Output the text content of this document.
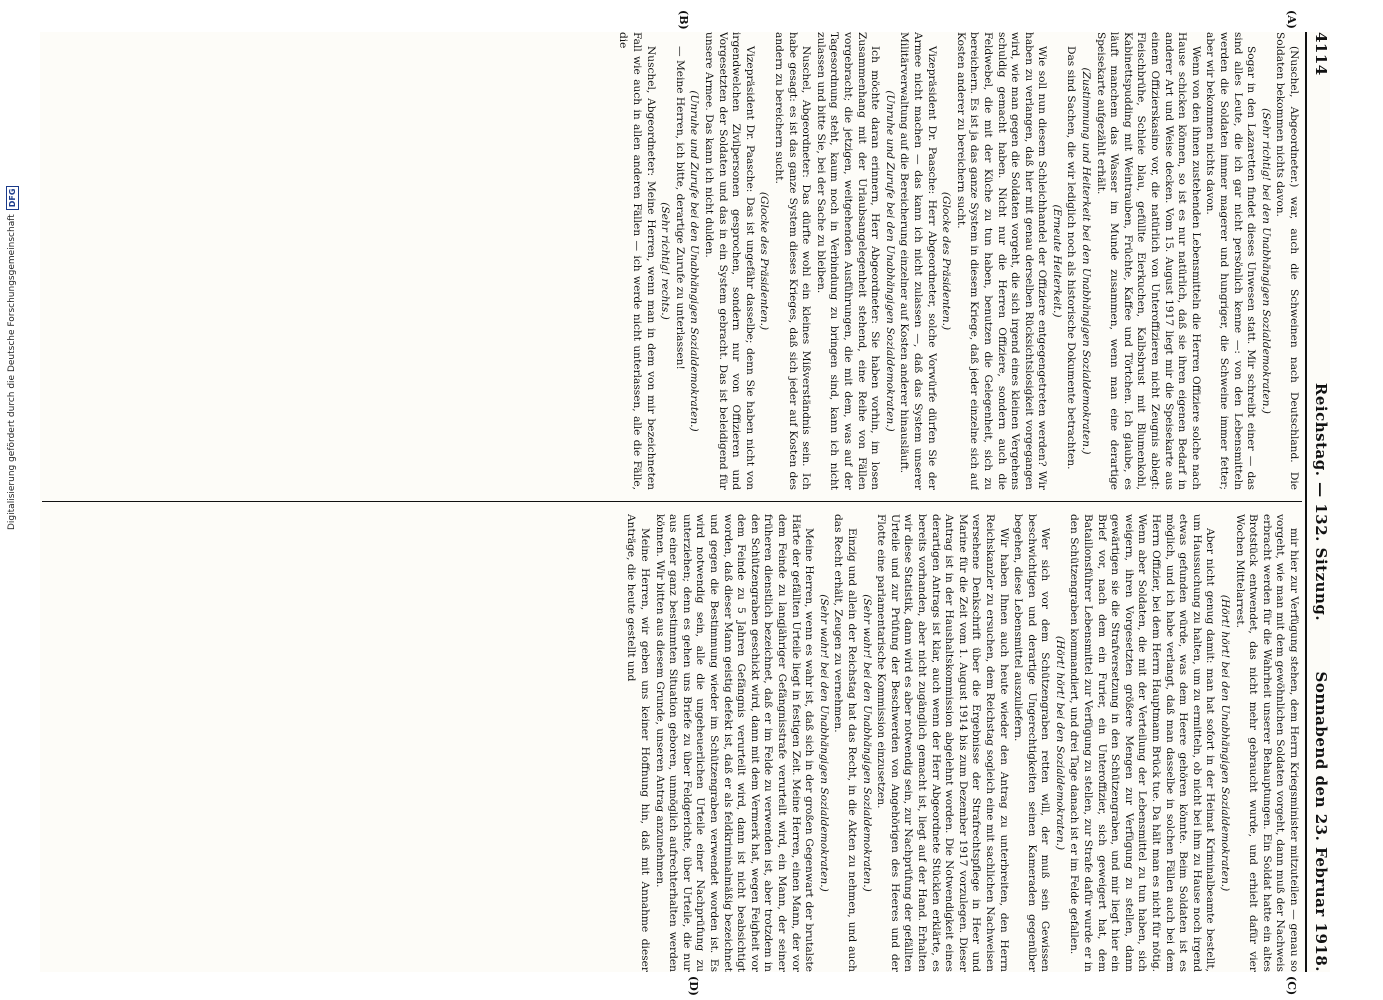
4114
Reichstag. — 132. Sitzung.
Sonnabend den 23. Februar 1918.
(A)
(B)
(C)
(D)

(Nuschel, Abgeordneter.) war, auch die Schweinen nach Deutschland. Die Soldaten bekommen nichts davon.

(Sehr richtig! bei den Unabhängigen Sozialdemokraten.)

Sogar in den Lazaretten findet dieses Unwesen statt. Mir schreibt einer — das sind alles Leute, die ich gar nicht persönlich kenne —: von den Lebensmitteln werden die Soldaten immer magerer und hungriger, die Schweine immer fetter; aber wir bekommen nichts davon.

Wenn von den ihnen zustehenden Lebensmitteln die Herren Offiziere solche nach Hause schicken können, so ist es nur natürlich, daß sie ihren eigenen Bedarf in anderer Art und Weise decken. Vom 15. August 1917 liegt mir die Speisekarte aus einem Offizierskasino vor, die natürlich von Unteroffizieren nicht Zeugnis ablegt: Fleischbrühe, Schleie blau, gefüllte Eierkuchen, Kalbsbrust mit Blumenkohl, Kabinettspudding mit Weintrauben, Früchte, Kaffee und Törtchen. Ich glaube, es läuft manchem das Wasser im Munde zusammen, wenn man eine derartige Speisekarte aufgezählt erhält.

(Zustimmung und Heiterkeit bei den Unabhängigen Sozialdemokraten.)

Das sind Sachen, die wir lediglich noch als historische Dokumente betrachten.

(Erneute Heiterkeit.)

Wie soll nun diesem Schleichhandel der Offiziere entgegengetreten werden? Wir haben zu verlangen, daß hier mit genau derselben Rücksichtslosigkeit vorgegangen wird, wie man gegen die Soldaten vorgeht, die sich irgend eines kleinen Vergehens schuldig gemacht haben. Nicht nur die Herren Offiziere, sondern auch die Feldwebel, die mit der Küche zu tun haben, benutzen die Gelegenheit, sich zu bereichern. Es ist ja das ganze System in diesem Kriege, daß jeder einzelne sich auf Kosten anderer zu bereichern sucht.

(Glocke des Präsidenten.)

Vizepräsident Dr. Paasche: Herr Abgeordneter, solche Vorwürfe dürfen Sie der Armee nicht machen — das kann ich nicht zulassen —, daß das System unserer Militärverwaltung auf die Bereicherung einzelner auf Kosten anderer hinausläuft.

(Unruhe und Zurufe bei den Unabhängigen Sozialdemokraten.)

Ich möchte daran erinnern, Herr Abgeordneter: Sie haben vorhin, im losen Zusammenhang mit der Urlaubsangelegenheit stehend, eine Reihe von Fällen vorgebracht; die jetzigen, weitgehenden Ausführungen, die mit dem, was auf der Tagesordnung steht, kaum noch in Verbindung zu bringen sind, kann ich nicht zulassen und bitte Sie, bei der Sache zu bleiben.

Nuschel, Abgeordneter: Das dürfte wohl ein kleines Mißverständnis sein. Ich habe gesagt: es ist das ganze System dieses Krieges, daß sich jeder auf Kosten des andern zu bereichern sucht.

(Glocke des Präsidenten.)

Vizepräsident Dr. Paasche: Das ist ungefähr dasselbe; denn Sie haben nicht von irgendwelchen Zivilpersonen gesprochen, sondern nur von Offizieren und Vorgesetzten der Soldaten und das in ein System gebracht. Das ist beleidigend für unsere Armee. Das kann ich nicht dulden.

(Unruhe und Zurufe bei den Unabhängigen Sozialdemokraten.)

— Meine Herren, ich bitte, derartige Zurufe zu unterlassen!

(Sehr richtig! rechts.)

Nuschel, Abgeordneter: Meine Herren, wenn man in dem von mir bezeichneten Fall wie auch in allen anderen Fällen — ich werde nicht unterlassen, alle die Fälle, die

mir hier zur Verfügung stehen, dem Herrn Kriegsminister mitzuteilen — genau so vorgeht, wie man mit dem gewöhnlichen Soldaten vorgeht, dann muß der Nachweis erbracht werden für die Wahrheit unserer Behauptungen. Ein Soldat hatte ein altes Brotstück entwendet, das nicht mehr gebraucht wurde, und erhielt dafür vier Wochen Mittelarrest.

(Hört! hört! bei den Unabhängigen Sozialdemokraten.)

Aber nicht genug damit: man hat sofort in der Heimat Kriminalbeamte bestellt, um Haussuchung zu halten, um zu ermitteln, ob nicht bei ihm zu Hause noch irgend etwas gefunden würde, was dem Heere gehören könnte. Beim Soldaten ist es möglich, und ich habe verlangt, daß man dasselbe in solchen Fällen auch bei dem Herrn Offizier, bei dem Herrn Hauptmann Brück tue. Da hält man es nicht für nötig. Wenn aber Soldaten, die mit der Verteilung der Lebensmittel zu tun haben, sich weigern, ihren Vorgesetzten größere Mengen zur Verfügung zu stellen, dann gewärtigen sie die Strafversetzung in den Schützengraben, und mir liegt hier ein Brief vor, nach dem ein Furier, ein Unteroffizier, sich geweigert hat, dem Bataillonsführer Lebensmittel zur Verfügung zu stellen, zur Strafe dafür wurde er in den Schützengraben kommandiert, und drei Tage danach ist er im Felde gefallen.

(Hört! hört! bei den Sozialdemokraten.)

Wer sich vor dem Schützengraben retten will, der muß sein Gewissen beschwichtigen und derartige Ungerechtigkeiten seinen Kameraden gegenüber begehen, diese Lebensmittel auszuliefern.

Wir haben Ihnen auch heute wieder den Antrag zu unterbreiten, den Herrn Reichskanzler zu ersuchen, dem Reichstag sogleich eine mit sachlichen Nachweisen versehene Denkschrift über die Ergebnisse der Strafrechtspflege in Heer und Marine für die Zeit vom 1. August 1914 bis zum Dezember 1917 vorzulegen. Dieser Antrag ist in der Haushaltskommission abgelehnt worden. Die Notwendigkeit eines derartigen Antrags ist klar, auch wenn der Herr Abgeordnete Stücklen erklärte, es bereits vorhanden, aber nicht zugänglich gemacht ist, liegt auf der Hand. Erhalten wir diese Statistik, dann wird es aber notwendig sein, zur Nachprüfung der gefällten Urteile und zur Prüfung der Beschwerden von Angehörigen des Heeres und der Flotte eine parlamentarische Kommission einzusetzen.

(Sehr wahr! bei den Unabhängigen Sozialdemokraten.)

Einzig und allein der Reichstag hat das Recht, in die Akten zu nehmen, und auch das Recht erhält, Zeugen zu vernehmen.

(Sehr wahr! bei den Unabhängigen Sozialdemokraten.)

Meine Herren, wenn es wahr ist, daß sich in der großen Gegenwart der brutalste Härte der gefällten Urteile liegt in festigen Zeit. Meine Herren, einen Mann, der vor dem Feinde zu langjähriger Gefängnisstrafe verurteilt wird, ein Mann, der seiner früheren dienstlich bezeichnet, daß er im Felde zu verwenden ist, aber trotzdem in den Schützengraben geschickt wird, dann mit dem Vermerk hat, wegen Feigheit vor dem Feinde zu 5 Jahren Gefängnis verurteilt wird, dann ist nicht beabsichtigt worden, daß dieser Mann geistig defekt ist, daß er als feldkriminalmäßig bezeichnet und gegen die Bestimmung wieder im Schützengraben verwendet worden ist. Es wird notwendig sein, alle die ungeheuerlichen Urteile einer Nachprüfung zu unterziehen; denn es gehen uns Briefe zu über Feldgerichte, über Urteile, die nur aus einer ganz bestimmten Situation geboren, unmöglich aufrechterhalten werden können. Wir bitten aus diesem Grunde, unseren Antrag anzunehmen.

Meine Herren, wir geben uns keiner Hoffnung hin, daß mit Annahme dieser Anträge, die heute gestellt und

Digitalisierung gefördert durch die Deutsche Forschungsgemeinschaft
DFG
